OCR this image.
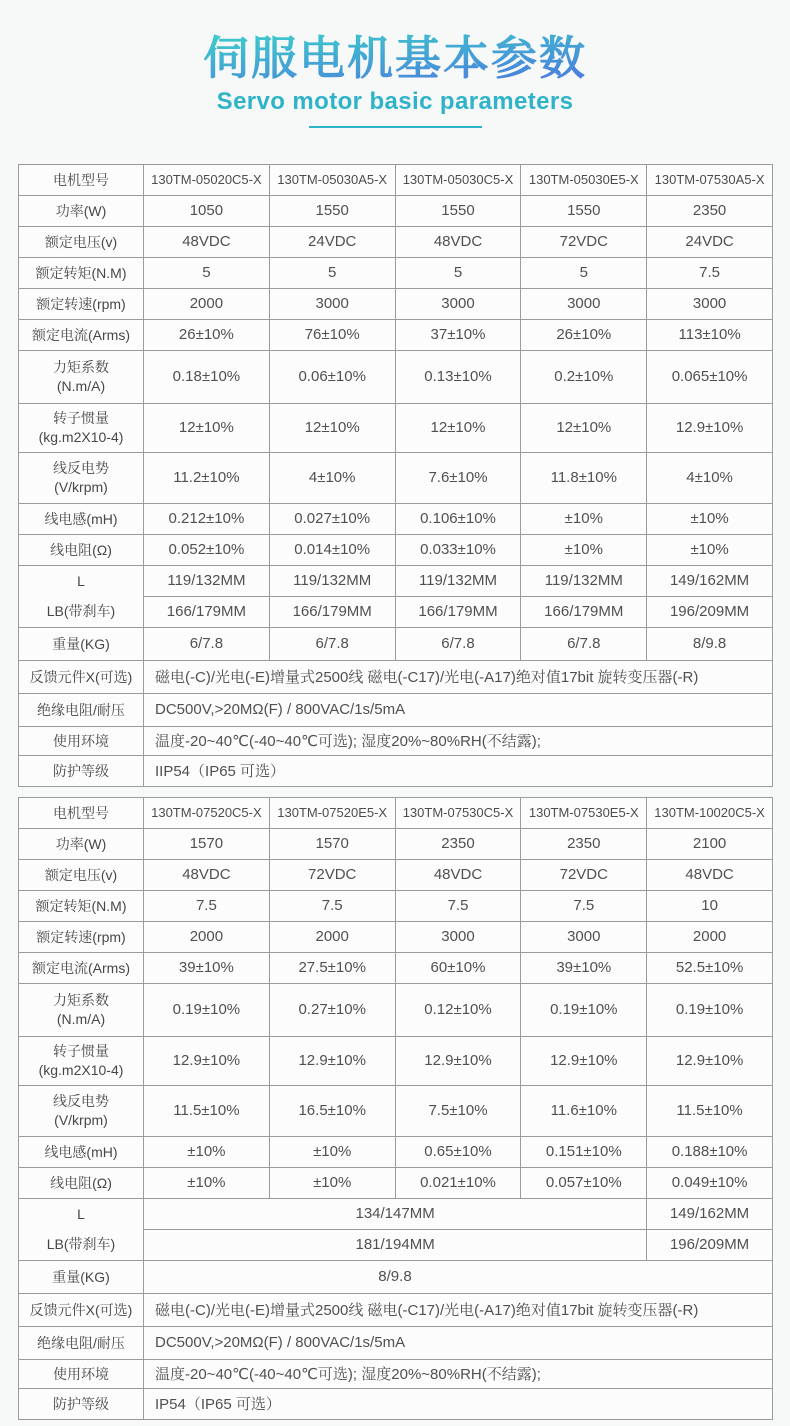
伺服电机基本参数
Servo motor basic parameters
电机型号	130TM-05020C5-X	130TM-05030A5-X	130TM-05030C5-X	130TM-05030E5-X	130TM-07530A5-X
功率(W)	1050	1550	1550	1550	2350
额定电压(v)	48VDC	24VDC	48VDC	72VDC	24VDC
额定转矩(N.M)	5	5	5	5	7.5
额定转速(rpm)	2000	3000	3000	3000	3000
额定电流(Arms)	26±10%	76±10%	37±10%	26±10%	113±10%

力矩系数
(N.m/A)	0.18±10%	0.06±10%	0.13±10%	0.2±10%	0.065±10%

转子惯量
(kg.m2X10-4)	12±10%	12±10%	12±10%	12±10%	12.9±10%

线反电势
(V/krpm)	11.2±10%	4±10%	7.6±10%	11.8±10%	4±10%
线电感(mH)	0.212±10%	0.027±10%	0.106±10%	±10%	±10%
线电阻(Ω)	0.052±10%	0.014±10%	0.033±10%	±10%	±10%

L
LB(带刹车)	119/132MM	119/132MM	119/132MM	119/132MM	149/162MM
	166/179MM	166/179MM	166/179MM	166/179MM	196/209MM
重量(KG)	6/7.8	6/7.8	6/7.8	6/7.8	8/9.8
反馈元件X(可选)	磁电(-C)/光电(-E)增量式2500线 磁电(-C17)/光电(-A17)绝对值17bit 旋转变压器(-R)				
绝缘电阻/耐压	DC500V,>20MΩ(F) / 800VAC/1s/5mA				
使用环境	温度-20~40℃(-40~40℃可选); 湿度20%~80%RH(不结露);				
防护等级	IIP54（IP65 可选）				
电机型号	130TM-07520C5-X	130TM-07520E5-X	130TM-07530C5-X	130TM-07530E5-X	130TM-10020C5-X
功率(W)	1570	1570	2350	2350	2100
额定电压(v)	48VDC	72VDC	48VDC	72VDC	48VDC
额定转矩(N.M)	7.5	7.5	7.5	7.5	10
额定转速(rpm)	2000	2000	3000	3000	2000
额定电流(Arms)	39±10%	27.5±10%	60±10%	39±10%	52.5±10%

力矩系数
(N.m/A)	0.19±10%	0.27±10%	0.12±10%	0.19±10%	0.19±10%

转子惯量
(kg.m2X10-4)	12.9±10%	12.9±10%	12.9±10%	12.9±10%	12.9±10%

线反电势
(V/krpm)	11.5±10%	16.5±10%	7.5±10%	11.6±10%	11.5±10%
线电感(mH)	±10%	±10%	0.65±10%	0.151±10%	0.188±10%
线电阻(Ω)	±10%	±10%	0.021±10%	0.057±10%	0.049±10%

L
LB(带刹车)	134/147MM				149/162MM
	181/194MM				196/209MM
重量(KG)	8/9.8				
反馈元件X(可选)	磁电(-C)/光电(-E)增量式2500线 磁电(-C17)/光电(-A17)绝对值17bit 旋转变压器(-R)				
绝缘电阻/耐压	DC500V,>20MΩ(F) / 800VAC/1s/5mA				
使用环境	温度-20~40℃(-40~40℃可选); 湿度20%~80%RH(不结露);				
防护等级	IP54（IP65 可选）				
